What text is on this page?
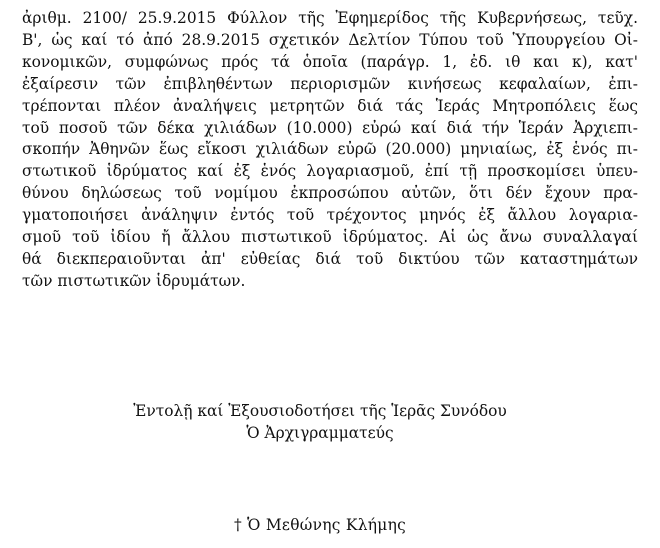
ἀριθμ. 2100/ 25.9.2015 Φύλλον τῆς Ἐφημερίδος τῆς Κυβερνήσεως, τεῦχ.
Β', ὡς καί τό ἀπό 28.9.2015 σχετικόν Δελτίον Τύπου τοῦ Ὑπουργείου Οἰ-
κονομικῶν, συμφώνως πρός τά ὁποῖα (παράγρ. 1, ἐδ. ιθ και κ), κατ'
ἐξαίρεσιν τῶν ἐπιβληθέντων περιορισμῶν κινήσεως κεφαλαίων, ἐπι-
τρέπονται πλέον ἀναλήψεις μετρητῶν διά τάς Ἱεράς Μητροπόλεις ἕως
τοῦ ποσοῦ τῶν δέκα χιλιάδων (10.000) εὐρώ καί διά τήν Ἱεράν Ἀρχιεπι-
σκοπήν Ἀθηνῶν ἕως εἴκοσι χιλιάδων εὐρῶ (20.000) μηνιαίως, ἐξ ἑνός πι-
στωτικοῦ ἱδρύματος καί ἐξ ἑνός λογαριασμοῦ, ἐπί τῇ προσκομίσει ὑπευ-
θύνου δηλώσεως τοῦ νομίμου ἐκπροσώπου αὐτῶν, ὅτι δέν ἔχουν πρα-
γματοποιήσει ἀνάληψιν ἐντός τοῦ τρέχοντος μηνός ἐξ ἄλλου λογαρια-
σμοῦ τοῦ ἰδίου ἤ ἄλλου πιστωτικοῦ ἱδρύματος. Αἱ ὡς ἄνω συναλλαγαί
θά διεκπεραιοῦνται ἀπ' εὐθείας διά τοῦ δικτύου τῶν καταστημάτων
τῶν πιστωτικῶν ἱδρυμάτων.

Ἐντολῇ καί Ἐξουσιοδοτήσει τῆς Ἱερᾶς Συνόδου
Ὁ Ἀρχιγραμματεύς
† Ὁ Μεθώνης Κλήμης
